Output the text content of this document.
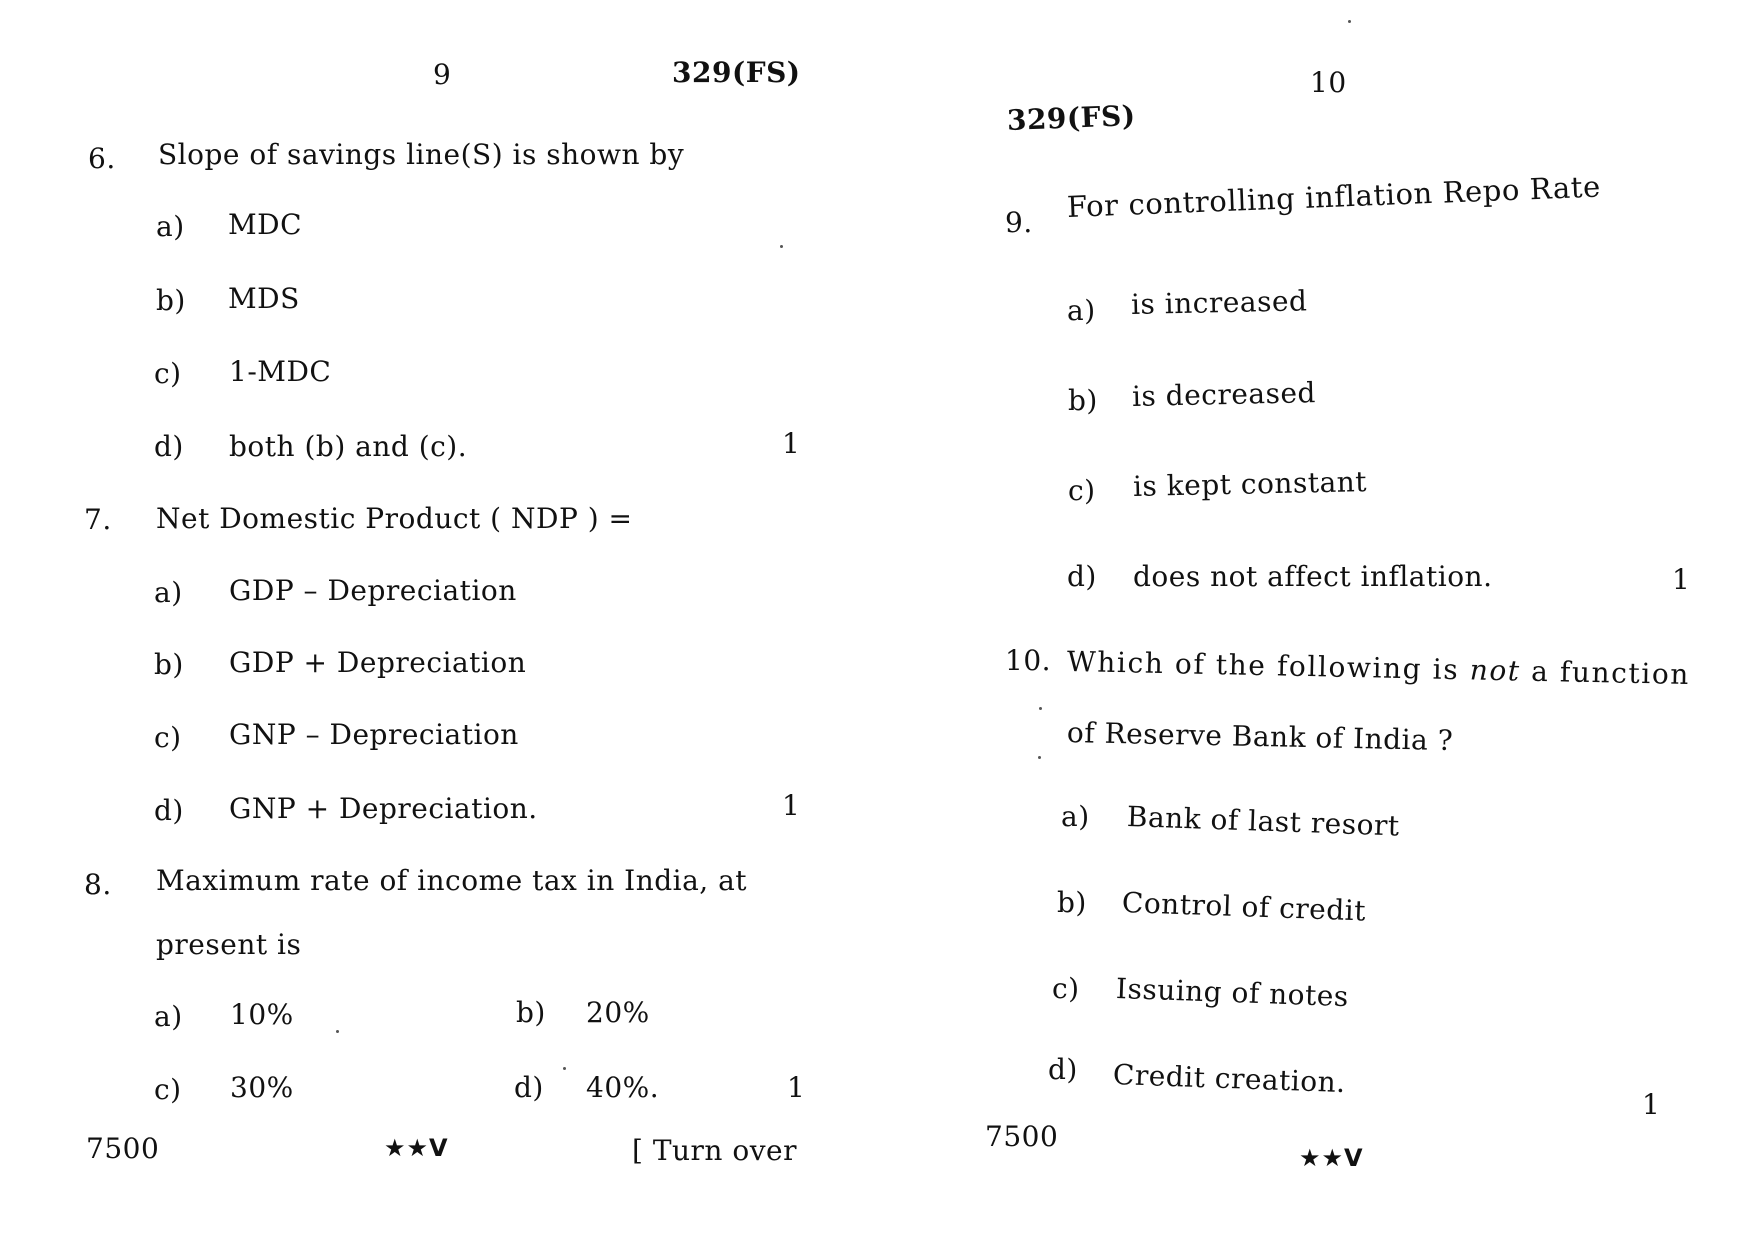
9	329(FS)
6. Slope of savings line(S) is shown by
a) MDC
b) MDS
c) 1-MDC
d) both (b) and (c).	1
7. Net Domestic Product ( NDP ) =
a) GDP – Depreciation
b) GDP + Depreciation
c) GNP – Depreciation
d) GNP + Depreciation.	1
8. Maximum rate of income tax in India, at
present is
a) 10%	b) 20%
c) 30%	d) 40%.	1
7500	★★V	[ Turn over
10
329(FS)
9. For controlling inflation Repo Rate
a) is increased
b) is decreased
c) is kept constant
d) does not affect inflation.	1
10. Which of the following is not a function
of Reserve Bank of India ?
a) Bank of last resort
b) Control of credit
c) Issuing of notes
d) Credit creation.
1
7500
★★V
